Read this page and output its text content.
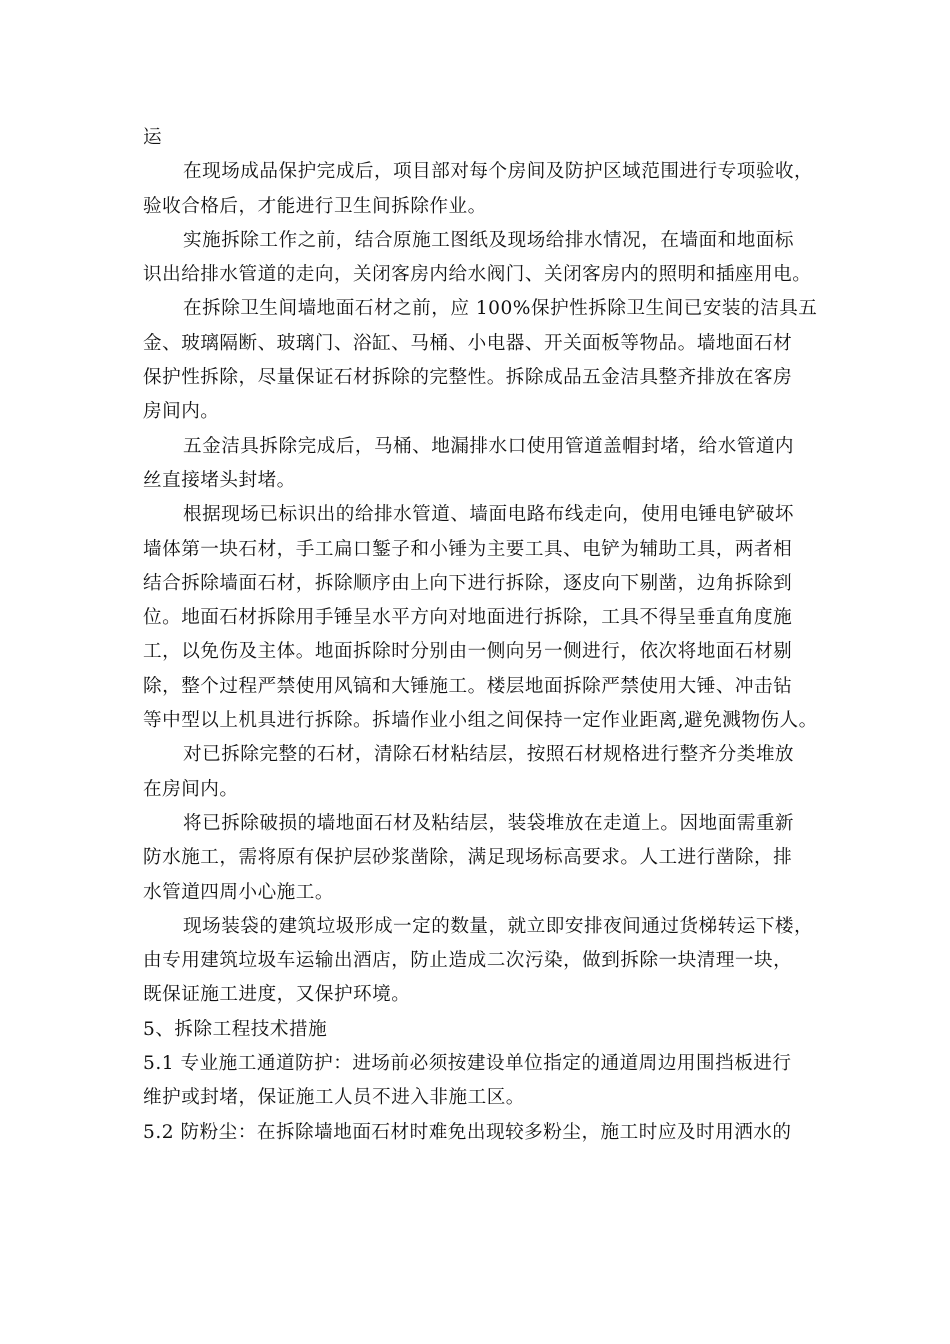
运
在现场成品保护完成后，项目部对每个房间及防护区域范围进行专项验收，
验收合格后，才能进行卫生间拆除作业。
实施拆除工作之前，结合原施工图纸及现场给排水情况，在墙面和地面标
识出给排水管道的走向，关闭客房内给水阀门、关闭客房内的照明和插座用电。
在拆除卫生间墙地面石材之前，应 100%保护性拆除卫生间已安装的洁具五
金、玻璃隔断、玻璃门、浴缸、马桶、小电器、开关面板等物品。墙地面石材
保护性拆除，尽量保证石材拆除的完整性。拆除成品五金洁具整齐排放在客房
房间内。
五金洁具拆除完成后，马桶、地漏排水口使用管道盖帽封堵，给水管道内
丝直接堵头封堵。
根据现场已标识出的给排水管道、墙面电路布线走向，使用电锤电铲破坏
墙体第一块石材，手工扁口錾子和小锤为主要工具、电铲为辅助工具，两者相
结合拆除墙面石材，拆除顺序由上向下进行拆除，逐皮向下剔凿，边角拆除到
位。地面石材拆除用手锤呈水平方向对地面进行拆除，工具不得呈垂直角度施
工，以免伤及主体。地面拆除时分别由一侧向另一侧进行，依次将地面石材剔
除，整个过程严禁使用风镐和大锤施工。楼层地面拆除严禁使用大锤、冲击钻
等中型以上机具进行拆除。拆墙作业小组之间保持一定作业距离,避免溅物伤人。
对已拆除完整的石材，清除石材粘结层，按照石材规格进行整齐分类堆放
在房间内。
将已拆除破损的墙地面石材及粘结层，装袋堆放在走道上。因地面需重新
防水施工，需将原有保护层砂浆凿除，满足现场标高要求。人工进行凿除，排
水管道四周小心施工。
现场装袋的建筑垃圾形成一定的数量，就立即安排夜间通过货梯转运下楼，
由专用建筑垃圾车运输出酒店，防止造成二次污染，做到拆除一块清理一块，
既保证施工进度，又保护环境。
5、拆除工程技术措施
5.1 专业施工通道防护：进场前必须按建设单位指定的通道周边用围挡板进行
维护或封堵，保证施工人员不进入非施工区。
5.2 防粉尘：在拆除墙地面石材时难免出现较多粉尘，施工时应及时用洒水的
